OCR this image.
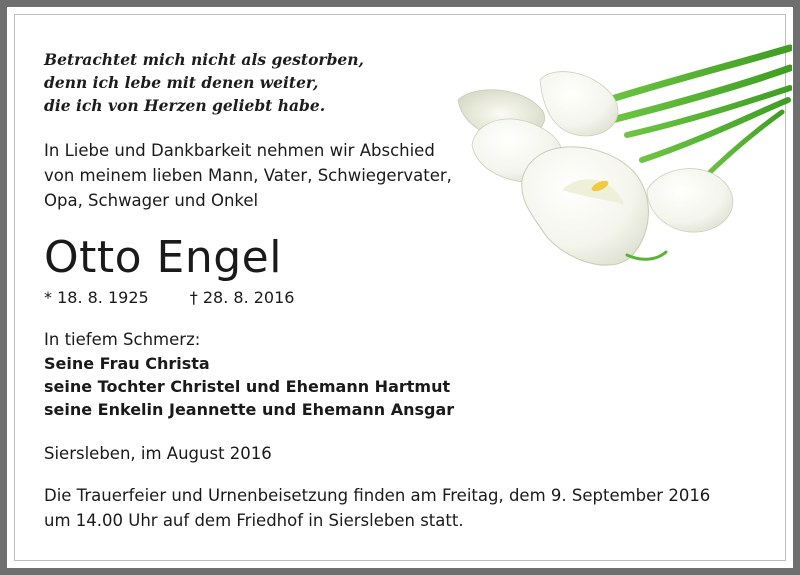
Betrachtet mich nicht als gestorben,
denn ich lebe mit denen weiter,
die ich von Herzen geliebt habe.
In Liebe und Dankbarkeit nehmen wir Abschied
von meinem lieben Mann, Vater, Schwiegervater,
Opa, Schwager und Onkel
Otto Engel
* 18. 8. 1925	† 28. 8. 2016
In tiefem Schmerz:
Seine Frau Christa
seine Tochter Christel und Ehemann Hartmut
seine Enkelin Jeannette und Ehemann Ansgar
Siersleben, im August 2016
Die Trauerfeier und Urnenbeisetzung finden am Freitag, dem 9. September 2016
um 14.00 Uhr auf dem Friedhof in Siersleben statt.
